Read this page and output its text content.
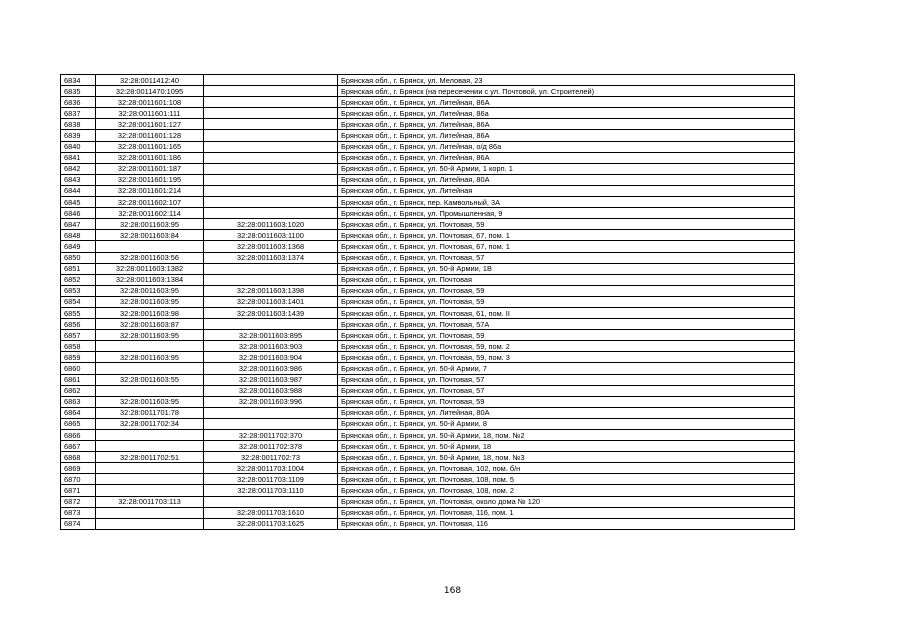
6834	32:28:0011412:40		Брянская обл., г. Брянск, ул. Меловая, 23
6835	32:28:0011470:1095		Брянская обл., г. Брянск (на пересечении с ул. Почтовой, ул. Строителей)
6836	32:28:0011601:108		Брянская обл., г. Брянск, ул. Литейная, 86А
6837	32:28:0011601:111		Брянская обл., г. Брянск, ул. Литейная, 86а
6838	32:28:0011601:127		Брянская обл., г. Брянск, ул. Литейная, 86А
6839	32:28:0011601:128		Брянская обл., г. Брянск, ул. Литейная, 86А
6840	32:28:0011601:165		Брянская обл., г. Брянск, ул. Литейная, о/д 86а
6841	32:28:0011601:186		Брянская обл., г. Брянск, ул. Литейная, 86А
6842	32:28:0011601:187		Брянская обл., г. Брянск, ул. 50-й Армии, 1 корп. 1
6843	32:28:0011601:195		Брянская обл., г. Брянск, ул. Литейная, 80А
6844	32:28:0011601:214		Брянская обл., г. Брянск, ул. Литейная
6845	32:28:0011602:107		Брянская обл., г. Брянск, пер. Камвольный, 3А
6846	32:28:0011602:114		Брянская обл., г. Брянск, ул. Промышленная, 9
6847	32:28:0011603:95	32:28:0011603:1020	Брянская обл., г. Брянск, ул. Почтовая, 59
6848	32:28:0011603:84	32:28:0011603:1100	Брянская обл., г. Брянск, ул. Почтовая, 67, пом. 1
6849		32:28:0011603:1368	Брянская обл., г. Брянск, ул. Почтовая, 67, пом. 1
6850	32:28:0011603:56	32:28:0011603:1374	Брянская обл., г. Брянск, ул. Почтовая, 57
6851	32:28:0011603:1382		Брянская обл., г. Брянск, ул. 50-й Армии, 1В
6852	32:28:0011603:1384		Брянская обл., г. Брянск, ул. Почтовая
6853	32:28:0011603:95	32:28:0011603:1398	Брянская обл., г. Брянск, ул. Почтовая, 59
6854	32:28:0011603:95	32:28:0011603:1401	Брянская обл., г. Брянск, ул. Почтовая, 59
6855	32:28:0011603:98	32:28:0011603:1439	Брянская обл., г. Брянск, ул. Почтовая, 61, пом. II
6856	32:28:0011603:87		Брянская обл., г. Брянск, ул. Почтовая, 57А
6857	32:28:0011603:95	32:28:0011603:895	Брянская обл., г. Брянск, ул. Почтовая, 59
6858		32:28:0011603:903	Брянская обл., г. Брянск, ул. Почтовая, 59, пом. 2
6859	32:28:0011603:95	32:28:0011603:904	Брянская обл., г. Брянск, ул. Почтовая, 59, пом. 3
6860		32:28:0011603:986	Брянская обл., г. Брянск, ул. 50-й Армии, 7
6861	32:28:0011603:55	32:28:0011603:987	Брянская обл., г. Брянск, ул. Почтовая, 57
6862		32:28:0011603:988	Брянская обл., г. Брянск, ул. Почтовая, 57
6863	32:28:0011603:95	32:28:0011603:996	Брянская обл., г. Брянск, ул. Почтовая, 59
6864	32:28:0011701:78		Брянская обл., г. Брянск, ул. Литейная, 80А
6865	32:28:0011702:34		Брянская обл., г. Брянск, ул. 50-й Армии, 8
6866		32:28:0011702:370	Брянская обл., г. Брянск, ул. 50-й Армии, 18, пом. №2
6867		32:28:0011702:378	Брянская обл., г. Брянск, ул. 50-й Армии, 18
6868	32:28:0011702:51	32:28:0011702:73	Брянская обл., г. Брянск, ул. 50-й Армии, 18, пом. №3
6869		32:28:0011703:1004	Брянская обл., г. Брянск, ул. Почтовая, 102, пом. б/н
6870		32:28:0011703:1109	Брянская обл., г. Брянск, ул. Почтовая, 108, пом. 5
6871		32:28:0011703:1110	Брянская обл., г. Брянск, ул. Почтовая, 108, пом. 2
6872	32:28:0011703:113		Брянская обл., г. Брянск, ул. Почтовая, около дома № 120
6873		32:28:0011703:1610	Брянская обл., г. Брянск, ул. Почтовая, 116, пом. 1
6874		32:28:0011703:1625	Брянская обл., г. Брянск, ул. Почтовая, 116
168
